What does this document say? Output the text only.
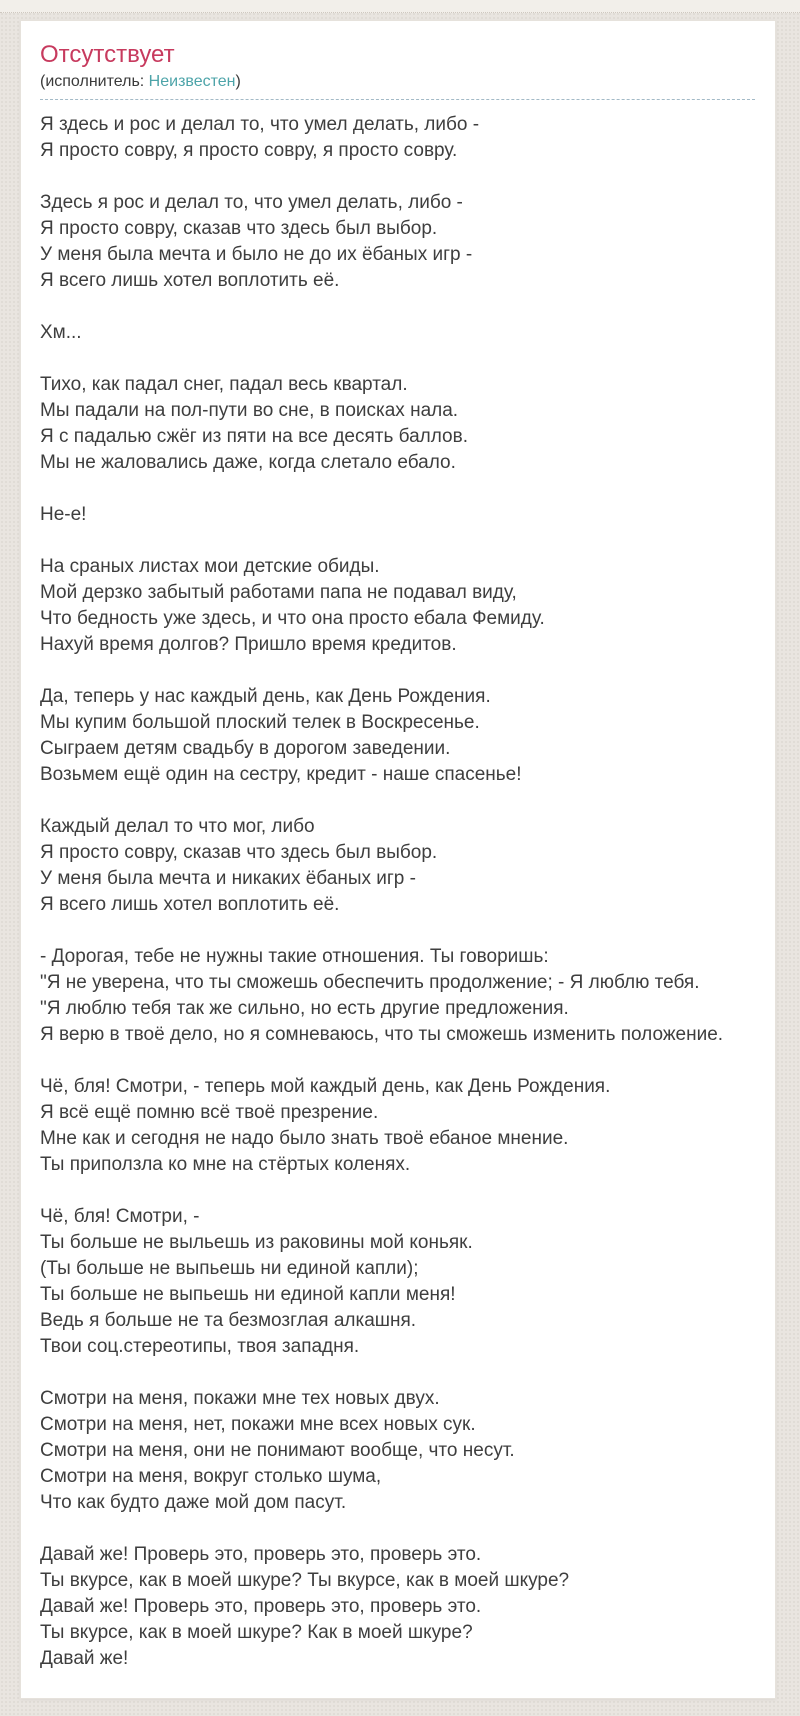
Отсутствует
(исполнитель: Неизвестен)
Я здесь и рос и делал то, что умел делать, либо -
Я просто совру, я просто совру, я просто совру.
Здесь я рос и делал то, что умел делать, либо -
Я просто совру, сказав что здесь был выбор.
У меня была мечта и было не до их ёбаных игр -
Я всего лишь хотел воплотить её.
Хм...
Тихо, как падал снег, падал весь квартал.
Мы падали на пол-пути во сне, в поисках нала.
Я с падалью сжёг из пяти на все десять баллов.
Мы не жаловались даже, когда слетало ебало.
Не-е!
На сраных листах мои детские обиды.
Мой дерзко забытый работами папа не подавал виду,
Что бедность уже здесь, и что она просто ебала Фемиду.
Нахуй время долгов? Пришло время кредитов.
Да, теперь у нас каждый день, как День Рождения.
Мы купим большой плоский телек в Воскресенье.
Сыграем детям свадьбу в дорогом заведении.
Возьмем ещё один на сестру, кредит - наше спасенье!
Каждый делал то что мог, либо
Я просто совру, сказав что здесь был выбор.
У меня была мечта и никаких ёбаных игр -
Я всего лишь хотел воплотить её.
- Дорогая, тебе не нужны такие отношения. Ты говоришь:
"Я не уверена, что ты сможешь обеспечить продолжение; - Я люблю тебя.
"Я люблю тебя так же сильно, но есть другие предложения.
Я верю в твоё дело, но я сомневаюсь, что ты сможешь изменить положение.
Чё, бля! Смотри, - теперь мой каждый день, как День Рождения.
Я всё ещё помню всё твоё презрение.
Мне как и сегодня не надо было знать твоё ебаное мнение.
Ты приползла ко мне на стёртых коленях.
Чё, бля! Смотри, -
Ты больше не выльешь из раковины мой коньяк.
(Ты больше не выпьешь ни единой капли);
Ты больше не выпьешь ни единой капли меня!
Ведь я больше не та безмозглая алкашня.
Твои соц.стереотипы, твоя западня.
Смотри на меня, покажи мне тех новых двух.
Смотри на меня, нет, покажи мне всех новых сук.
Смотри на меня, они не понимают вообще, что несут.
Смотри на меня, вокруг столько шума,
Что как будто даже мой дом пасут.
Давай же! Проверь это, проверь это, проверь это.
Ты вкурсе, как в моей шкуре? Ты вкурсе, как в моей шкуре?
Давай же! Проверь это, проверь это, проверь это.
Ты вкурсе, как в моей шкуре? Как в моей шкуре?
Давай же!
